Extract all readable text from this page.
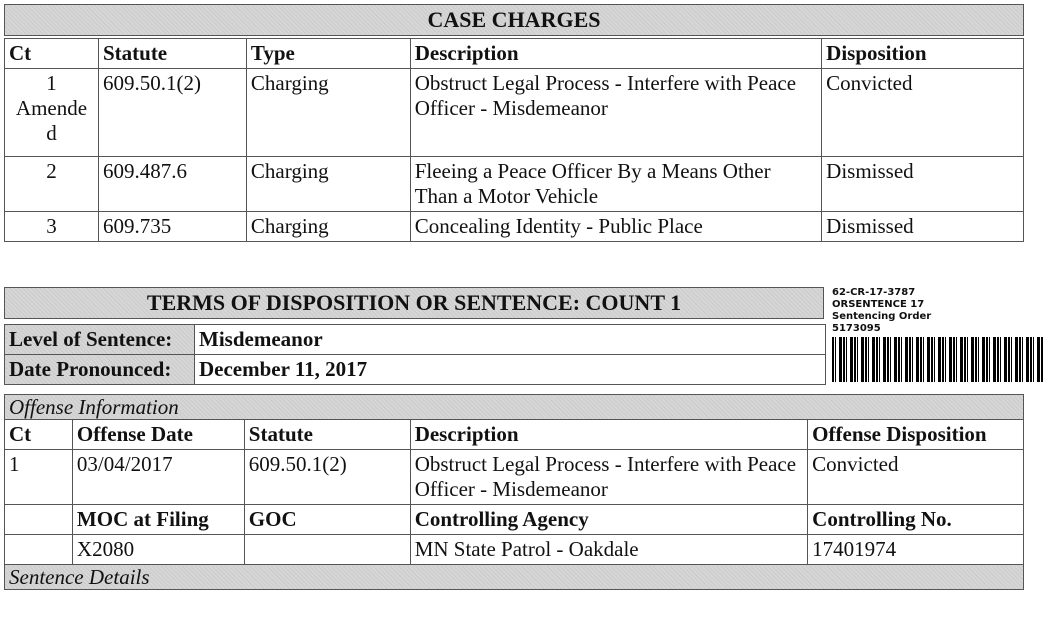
CASE CHARGES
Ct	Statute	Type	Description	Disposition
1
Amende
d	609.50.1(2)	Charging	Obstruct Legal Process - Interfere with Peace Officer - Misdemeanor	Convicted
2	609.487.6	Charging	Fleeing a Peace Officer By a Means Other Than a Motor Vehicle	Dismissed
3	609.735	Charging	Concealing Identity - Public Place	Dismissed
TERMS OF DISPOSITION OR SENTENCE: COUNT 1	62-CR-17-3787
ORSENTENCE 17
Sentencing Order
5173095
Level of Sentence:	Misdemeanor
Date Pronounced:	December 11, 2017
Offense Information				
Ct	Offense Date	Statute	Description	Offense Disposition
1	03/04/2017	609.50.1(2)	Obstruct Legal Process - Interfere with Peace Officer - Misdemeanor	Convicted
	MOC at Filing	GOC	Controlling Agency	Controlling No.
	X2080		MN State Patrol - Oakdale	17401974
Sentence Details				
